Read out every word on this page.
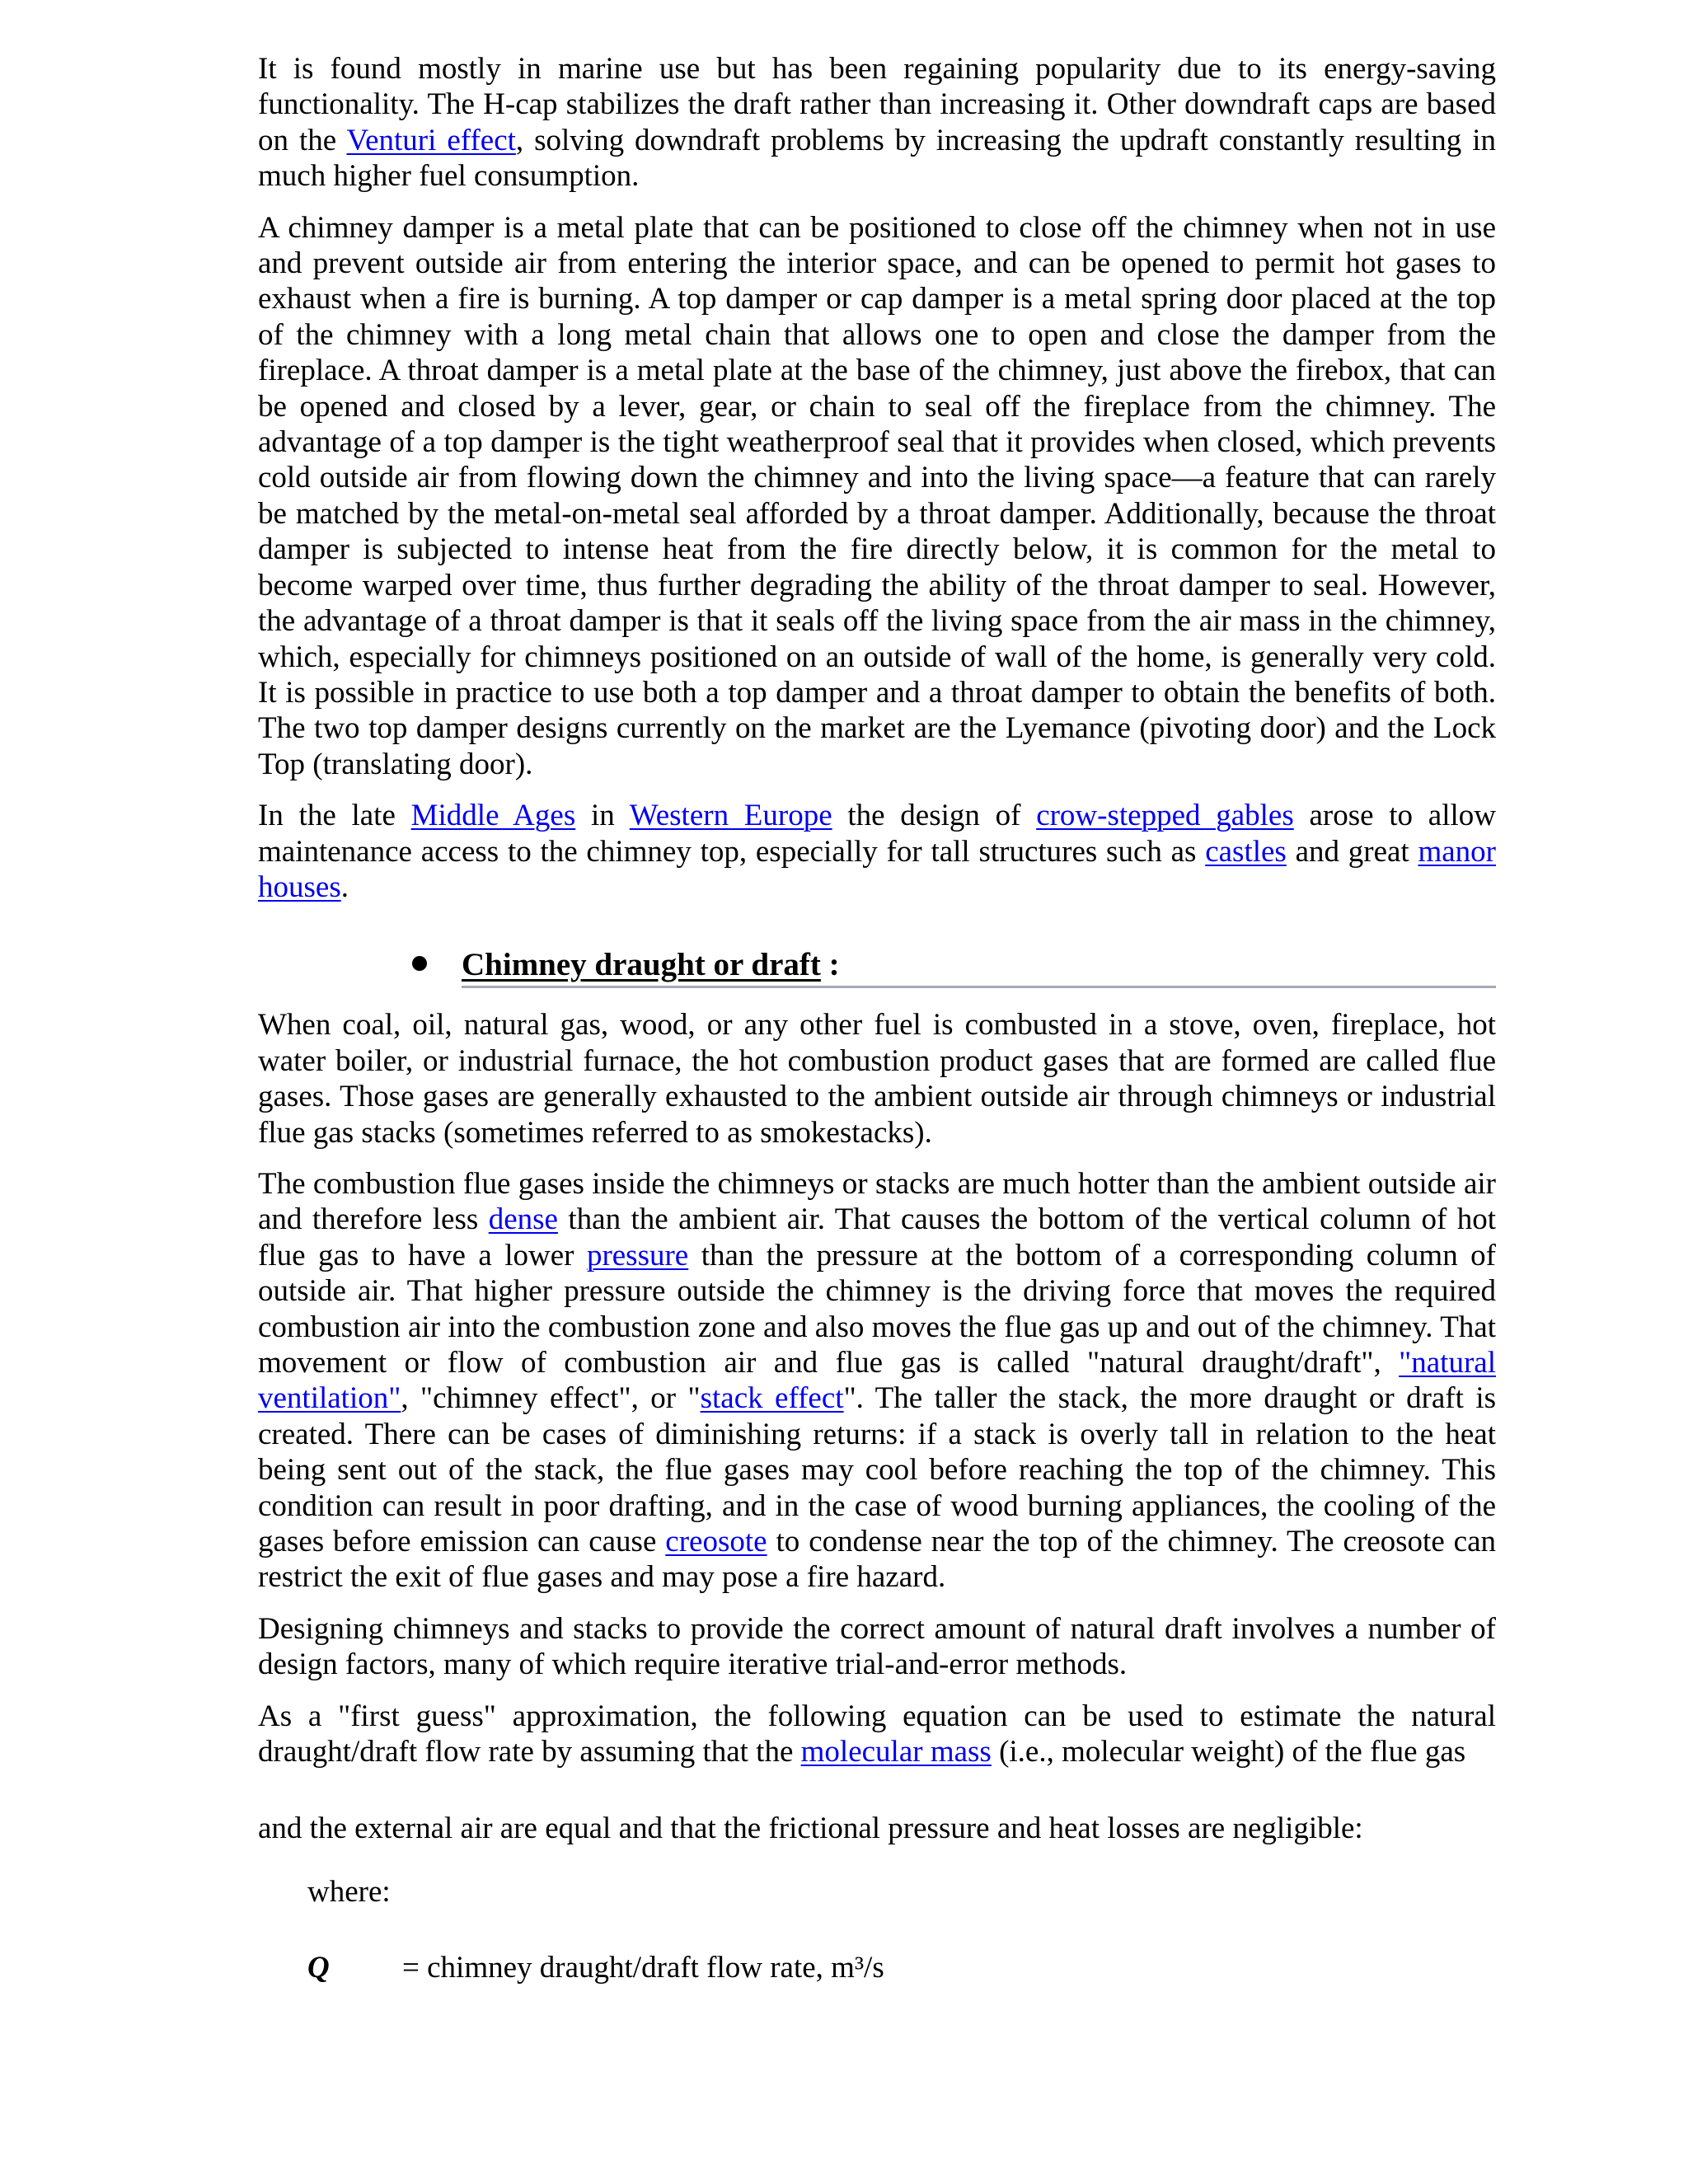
It is found mostly in marine use but has been regaining popularity due to its energy-saving functionality. The H-cap stabilizes the draft rather than increasing it. Other downdraft caps are based on the Venturi effect, solving downdraft problems by increasing the updraft constantly resulting in much higher fuel consumption.

A chimney damper is a metal plate that can be positioned to close off the chimney when not in use and prevent outside air from entering the interior space, and can be opened to permit hot gases to exhaust when a fire is burning. A top damper or cap damper is a metal spring door placed at the top of the chimney with a long metal chain that allows one to open and close the damper from the fireplace. A throat damper is a metal plate at the base of the chimney, just above the firebox, that can be opened and closed by a lever, gear, or chain to seal off the fireplace from the chimney. The advantage of a top damper is the tight weatherproof seal that it provides when closed, which prevents cold outside air from flowing down the chimney and into the living space—a feature that can rarely be matched by the metal-on-metal seal afforded by a throat damper. Additionally, because the throat damper is subjected to intense heat from the fire directly below, it is common for the metal to become warped over time, thus further degrading the ability of the throat damper to seal. However, the advantage of a throat damper is that it seals off the living space from the air mass in the chimney, which, especially for chimneys positioned on an outside of wall of the home, is generally very cold. It is possible in practice to use both a top damper and a throat damper to obtain the benefits of both. The two top damper designs currently on the market are the Lyemance (pivoting door) and the Lock Top (translating door).

In the late Middle Ages in Western Europe the design of crow-stepped gables arose to allow maintenance access to the chimney top, especially for tall structures such as castles and great manor houses.

Chimney draught or draft :

When coal, oil, natural gas, wood, or any other fuel is combusted in a stove, oven, fireplace, hot water boiler, or industrial furnace, the hot combustion product gases that are formed are called flue gases. Those gases are generally exhausted to the ambient outside air through chimneys or industrial flue gas stacks (sometimes referred to as smokestacks).

The combustion flue gases inside the chimneys or stacks are much hotter than the ambient outside air and therefore less dense than the ambient air. That causes the bottom of the vertical column of hot flue gas to have a lower pressure than the pressure at the bottom of a corresponding column of outside air. That higher pressure outside the chimney is the driving force that moves the required combustion air into the combustion zone and also moves the flue gas up and out of the chimney. That movement or flow of combustion air and flue gas is called "natural draught/draft", "natural ventilation", "chimney effect", or "stack effect". The taller the stack, the more draught or draft is created. There can be cases of diminishing returns: if a stack is overly tall in relation to the heat being sent out of the stack, the flue gases may cool before reaching the top of the chimney. This condition can result in poor drafting, and in the case of wood burning appliances, the cooling of the gases before emission can cause creosote to condense near the top of the chimney. The creosote can restrict the exit of flue gases and may pose a fire hazard.

Designing chimneys and stacks to provide the correct amount of natural draft involves a number of design factors, many of which require iterative trial-and-error methods.

As a "first guess" approximation, the following equation can be used to estimate the natural draught/draft flow rate by assuming that the molecular mass (i.e., molecular weight) of the flue gas

and the external air are equal and that the frictional pressure and heat losses are negligible:

where:
Q = chimney draught/draft flow rate, m³/s
